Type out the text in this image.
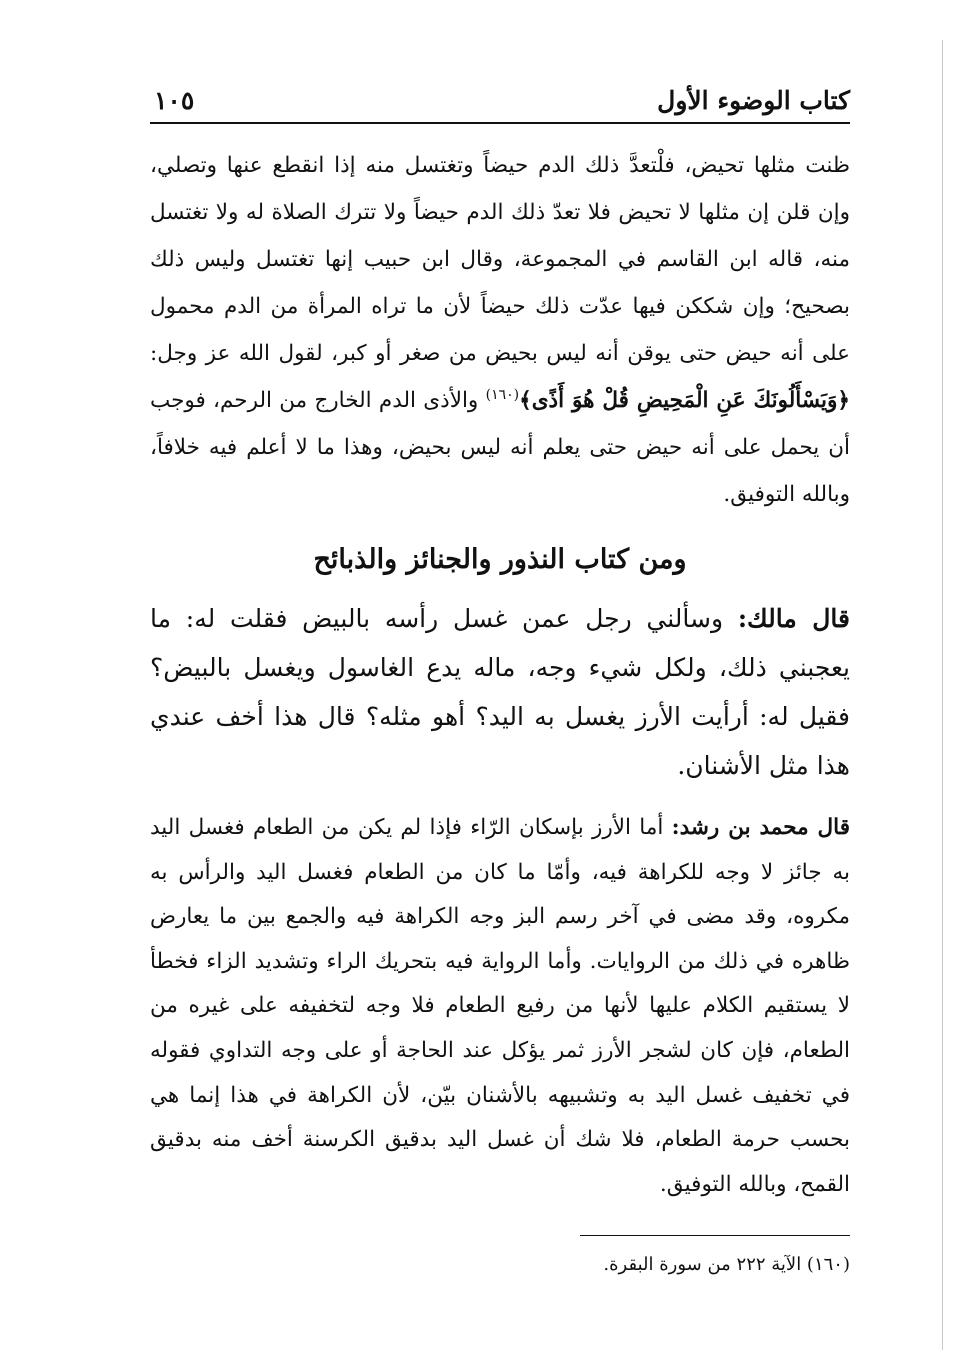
كتاب الوضوء الأول
١٠٥

ظنت مثلها تحيض، فلْتعدَّ ذلك الدم حيضاً وتغتسل منه إذا انقطع عنها وتصلي، وإن قلن إن مثلها لا تحيض فلا تعدّ ذلك الدم حيضاً ولا تترك الصلاة له ولا تغتسل منه، قاله ابن القاسم في المجموعة، وقال ابن حبيب إنها تغتسل وليس ذلك بصحيح؛ وإن شككن فيها عدّت ذلك حيضاً لأن ما تراه المرأة من الدم محمول على أنه حيض حتى يوقن أنه ليس بحيض من صغر أو كبر، لقول الله عز وجل: ﴿وَيَسْأَلُونَكَ عَنِ الْمَحِيضِ قُلْ هُوَ أَذًى﴾$^{(١٦٠)}$ والأذى الدم الخارج من الرحم، فوجب أن يحمل على أنه حيض حتى يعلم أنه ليس بحيض، وهذا ما لا أعلم فيه خلافاً، وبالله التوفيق.

ومن كتاب النذور والجنائز والذبائح

قال مالك: وسألني رجل عمن غسل رأسه بالبيض فقلت له: ما يعجبني ذلك، ولكل شيء وجه، ماله يدع الغاسول ويغسل بالبيض؟ فقيل له: أرأيت الأرز يغسل به اليد؟ أهو مثله؟ قال هذا أخف عندي هذا مثل الأشنان.

قال محمد بن رشد: أما الأرز بإسكان الرّاء فإذا لم يكن من الطعام فغسل اليد به جائز لا وجه للكراهة فيه، وأمّا ما كان من الطعام فغسل اليد والرأس به مكروه، وقد مضى في آخر رسم البز وجه الكراهة فيه والجمع بين ما يعارض ظاهره في ذلك من الروايات. وأما الرواية فيه بتحريك الراء وتشديد الزاء فخطأ لا يستقيم الكلام عليها لأنها من رفيع الطعام فلا وجه لتخفيفه على غيره من الطعام، فإن كان لشجر الأرز ثمر يؤكل عند الحاجة أو على وجه التداوي فقوله في تخفيف غسل اليد به وتشبيهه بالأشنان بيّن، لأن الكراهة في هذا إنما هي بحسب حرمة الطعام، فلا شك أن غسل اليد بدقيق الكرسنة أخف منه بدقيق القمح، وبالله التوفيق.

(١٦٠) الآية ٢٢٢ من سورة البقرة.
